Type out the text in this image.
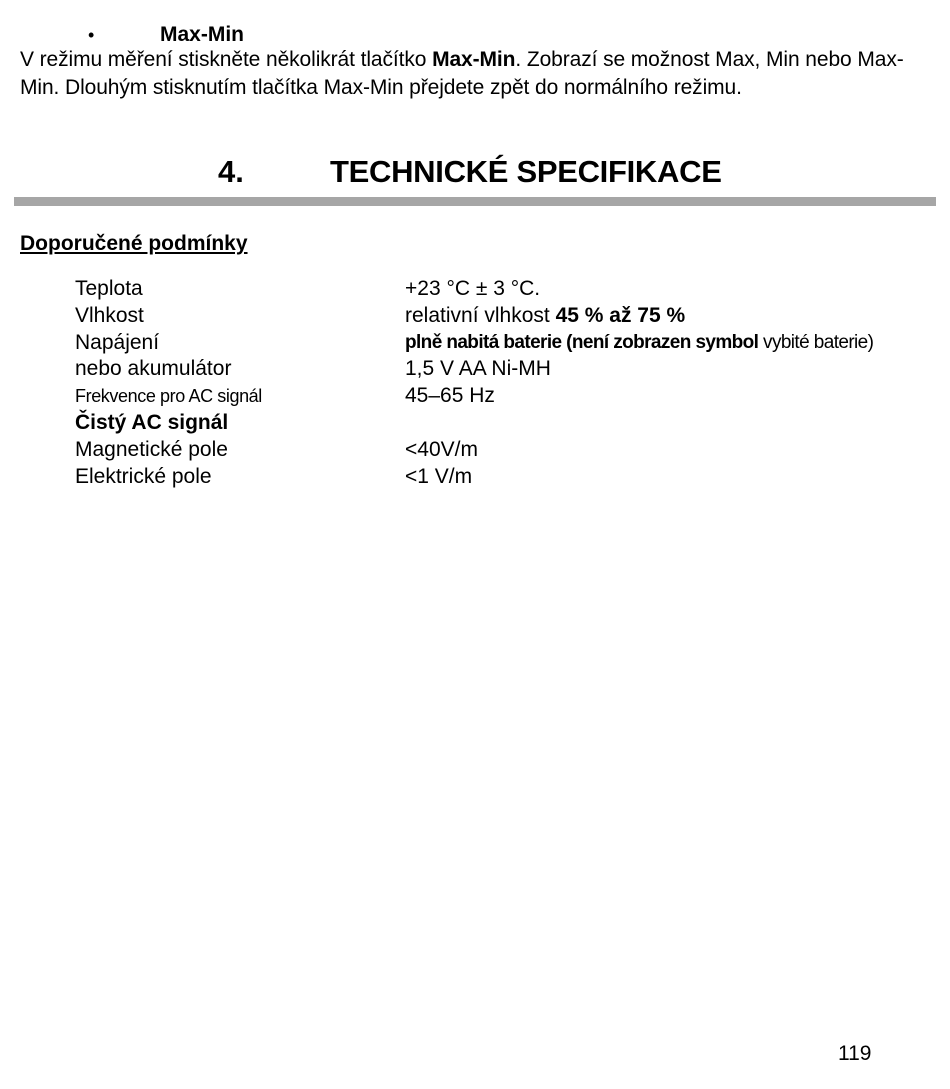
•	Max-Min

V režimu měření stiskněte několikrát tlačítko Max-Min. Zobrazí se možnost Max, Min nebo Max-Min. Dlouhým stisknutím tlačítka Max-Min přejdete zpět do normálního režimu.

4.	TECHNICKÉ SPECIFIKACE

Doporučené podmínky

Teplota	+23 °C ± 3 °C.
Vlhkost	relativní vlhkost 45 % až 75 %
Napájení	plně nabitá baterie (není zobrazen symbol vybité baterie)
nebo akumulátor	1,5 V AA Ni-MH
Frekvence pro AC signál	45–65 Hz
Čistý AC signál
Magnetické pole	<40V/m
Elektrické pole	<1 V/m
119
